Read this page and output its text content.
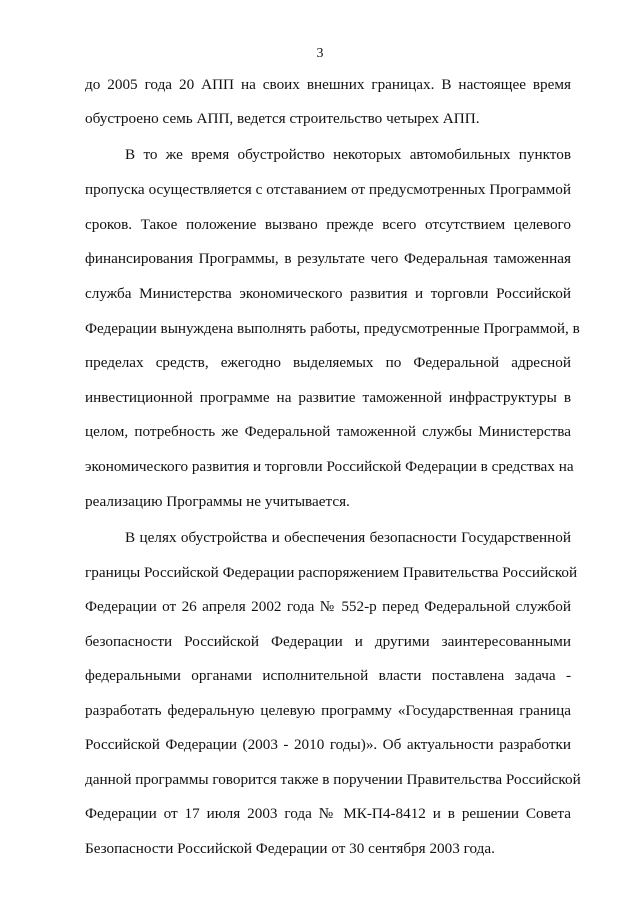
3
до 2005 года 20 АПП на своих внешних границах. В настоящее время
обустроено семь АПП, ведется строительство четырех АПП.
В то же время обустройство некоторых автомобильных пунктов
пропуска осуществляется с отставанием от предусмотренных Программой
сроков. Такое положение вызвано прежде всего отсутствием целевого
финансирования Программы, в результате чего Федеральная таможенная
служба Министерства экономического развития и торговли Российской
Федерации вынуждена выполнять работы, предусмотренные Программой, в
пределах средств, ежегодно выделяемых по Федеральной адресной
инвестиционной программе на развитие таможенной инфраструктуры в
целом, потребность же Федеральной таможенной службы Министерства
экономического развития и торговли Российской Федерации в средствах на
реализацию Программы не учитывается.
В целях обустройства и обеспечения безопасности Государственной
границы Российской Федерации распоряжением Правительства Российской
Федерации от 26 апреля 2002 года № 552-р перед Федеральной службой
безопасности Российской Федерации и другими заинтересованными
федеральными органами исполнительной власти поставлена задача -
разработать федеральную целевую программу «Государственная граница
Российской Федерации (2003 - 2010 годы)». Об актуальности разработки
данной программы говорится также в поручении Правительства Российской
Федерации от 17 июля 2003 года № МК-П4-8412 и в решении Совета
Безопасности Российской Федерации от 30 сентября 2003 года.
